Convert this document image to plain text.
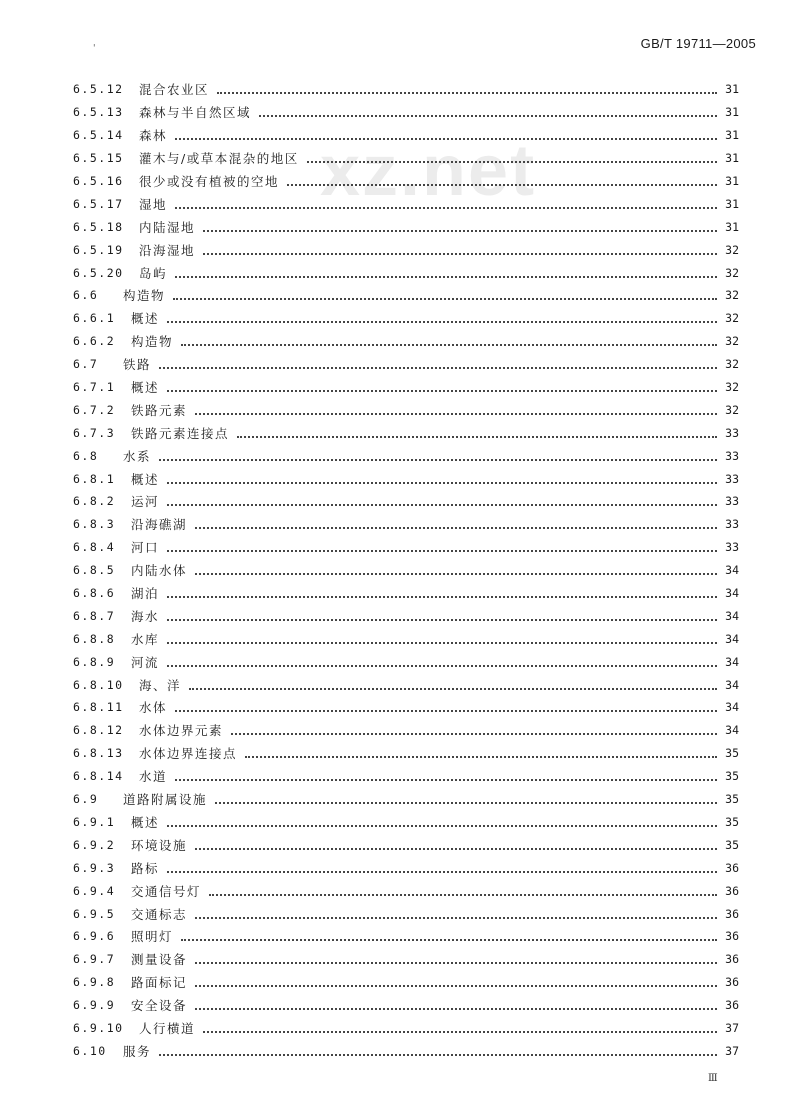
'	GB/T 19711—2005
xz.net
6.5.12	混合农业区	31
6.5.13	森林与半自然区域	31
6.5.14	森林	31
6.5.15	灌木与/或草本混杂的地区	31
6.5.16	很少或没有植被的空地	31
6.5.17	湿地	31
6.5.18	内陆湿地	31
6.5.19	沿海湿地	32
6.5.20	岛屿	32
6.6	构造物	32
6.6.1	概述	32
6.6.2	构造物	32
6.7	铁路	32
6.7.1	概述	32
6.7.2	铁路元素	32
6.7.3	铁路元素连接点	33
6.8	水系	33
6.8.1	概述	33
6.8.2	运河	33
6.8.3	沿海礁湖	33
6.8.4	河口	33
6.8.5	内陆水体	34
6.8.6	湖泊	34
6.8.7	海水	34
6.8.8	水库	34
6.8.9	河流	34
6.8.10	海、洋	34
6.8.11	水体	34
6.8.12	水体边界元素	34
6.8.13	水体边界连接点	35
6.8.14	水道	35
6.9	道路附属设施	35
6.9.1	概述	35
6.9.2	环境设施	35
6.9.3	路标	36
6.9.4	交通信号灯	36
6.9.5	交通标志	36
6.9.6	照明灯	36
6.9.7	测量设备	36
6.9.8	路面标记	36
6.9.9	安全设备	36
6.9.10	人行横道	37
6.10	服务	37
Ⅲ
